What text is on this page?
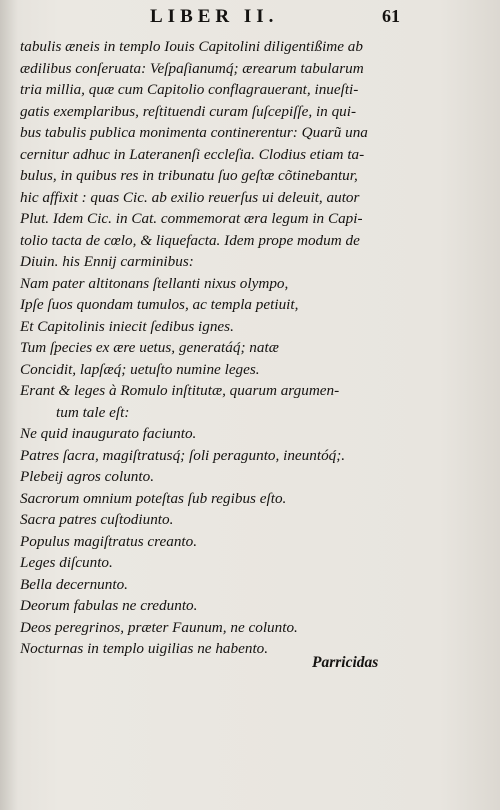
LIBER II.	61
tabulis æneis in templo Iouis Capitolini diligentißime ab
ædilibus conſeruata: Veſpaſianumq́; ærearum tabularum
tria millia, quæ cum Capitolio conflagrauerant, inueſti-
gatis exemplaribus, reſtituendi curam ſuſcepiſſe, in qui-
bus tabulis publica monimenta continerentur: Quarũ una
cernitur adhuc in Lateranenſi eccleſia. Clodius etiam ta-
bulus, in quibus res in tribunatu ſuo geſtæ cõtinebantur,
hic affixit : quas Cic. ab exilio reuerſus ui deleuit, autor
Plut. Idem Cic. in Cat. commemorat æra legum in Capi-
tolio tacta de cœlo, & liquefacta. Idem prope modum de
Diuin. his Ennij carminibus:
Nam pater altitonans ſtellanti nixus olympo,
Ipſe ſuos quondam tumulos, ac templa petiuit,
Et Capitolinis iniecit ſedibus ignes.
Tum ſpecies ex ære uetus, generatáq́; natæ
Concidit, lapſæq́; uetuſto numine leges.
Erant & leges à Romulo inſtitutæ, quarum argumen-
tum tale eſt:
Ne quid inaugurato faciunto.
Patres ſacra, magiſtratusq́; ſoli peragunto, ineuntóq́;.
Plebeij agros colunto.
Sacrorum omnium poteſtas ſub regibus eſto.
Sacra patres cuſtodiunto.
Populus magiſtratus creanto.
Leges diſcunto.
Bella decernunto.
Deorum fabulas ne credunto.
Deos peregrinos, præter Faunum, ne colunto.
Nocturnas in templo uigilias ne habento.
Parricidas
